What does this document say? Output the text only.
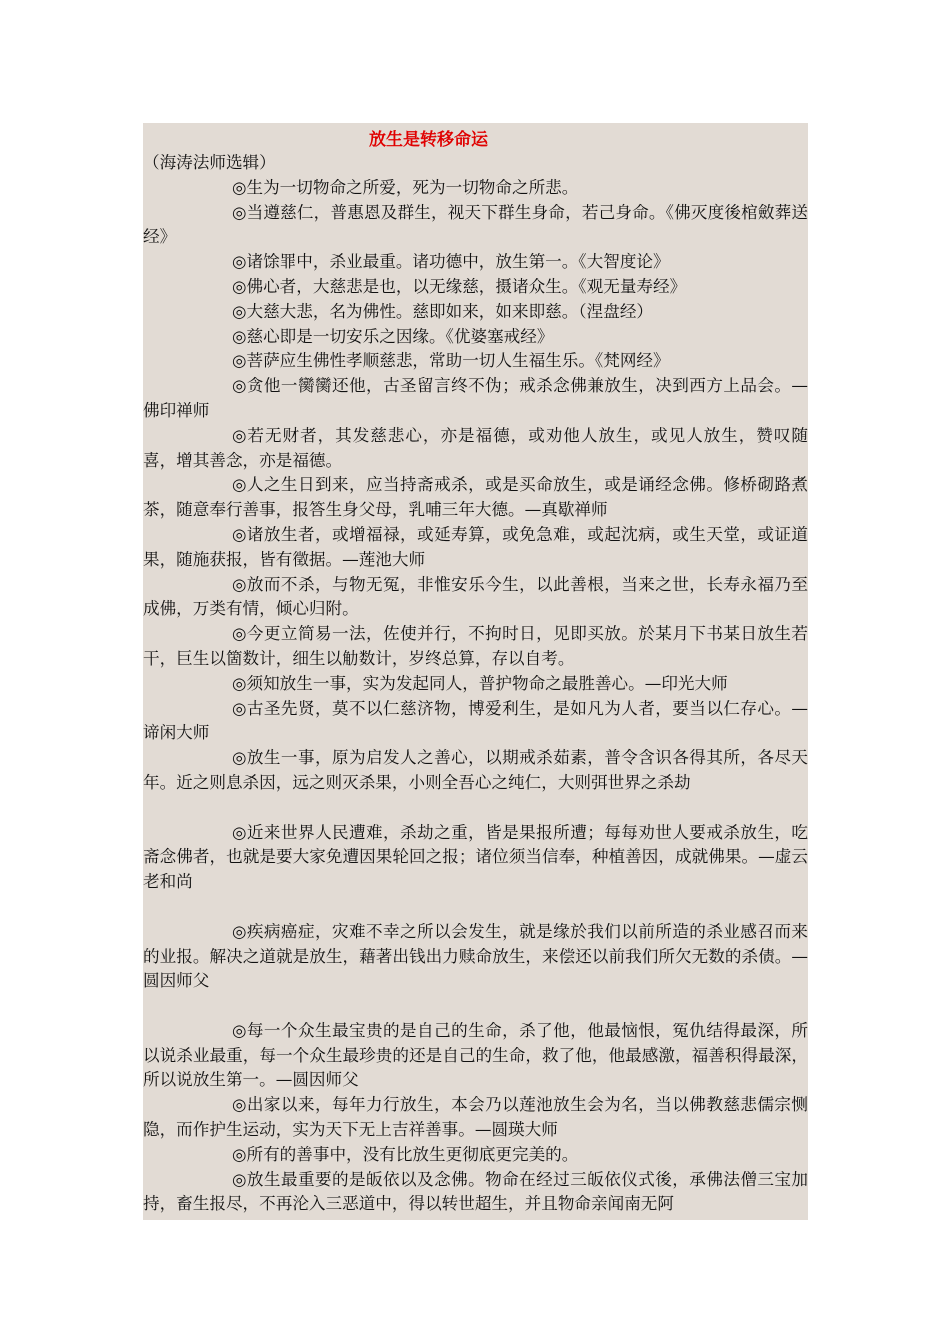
放生是转移命运

（海涛法师选辑）

◎生为一切物命之所爱，死为一切物命之所悲。

◎当遵慈仁，普惠恩及群生，视天下群生身命，若己身命。《佛灭度後棺斂葬送经》

◎诸馀罪中，杀业最重。诸功德中，放生第一。《大智度论》

◎佛心者，大慈悲是也，以无缘慈，摄诸众生。《观无量寿经》

◎大慈大悲，名为佛性。慈即如来，如来即慈。（涅盘经）

◎慈心即是一切安乐之因缘。《优婆塞戒经》

◎菩萨应生佛性孝顺慈悲，常助一切人生福生乐。《梵网经》

◎贪他一臠臠还他，古圣留言终不伪；戒杀念佛兼放生，决到西方上品会。—佛印禅师

◎若无财者，其发慈悲心，亦是福德，或劝他人放生，或见人放生，赞叹随喜，增其善念，亦是福德。

◎人之生日到来，应当持斋戒杀，或是买命放生，或是诵经念佛。修桥砌路煮茶，随意奉行善事，报答生身父母，乳哺三年大德。—真歇禅师

◎诸放生者，或增福禄，或延寿算，或免急难，或起沈病，或生天堂，或证道果，随施获报，皆有徵据。—莲池大师

◎放而不杀，与物无冤，非惟安乐今生，以此善根，当来之世，长寿永福乃至成佛，万类有情，倾心归附。

◎今更立简易一法，佐使并行，不拘时日，见即买放。於某月下书某日放生若干，巨生以箇数计，细生以觔数计，岁终总算，存以自考。

◎须知放生一事，实为发起同人，普护物命之最胜善心。—印光大师

◎古圣先贤，莫不以仁慈济物，博爱利生，是如凡为人者，要当以仁存心。—谛闲大师

◎放生一事，原为启发人之善心，以期戒杀茹素，普令含识各得其所，各尽天年。近之则息杀因，远之则灭杀果，小则全吾心之纯仁，大则弭世界之杀劫

◎近来世界人民遭难，杀劫之重，皆是果报所遭；每每劝世人要戒杀放生，吃斋念佛者，也就是要大家免遭因果轮回之报；诸位须当信奉，种植善因，成就佛果。—虚云老和尚

◎疾病癌症，灾难不幸之所以会发生，就是缘於我们以前所造的杀业感召而来的业报。解决之道就是放生，藉著出钱出力赎命放生，来偿还以前我们所欠无数的杀债。—圆因师父

◎每一个众生最宝贵的是自己的生命，杀了他，他最恼恨，冤仇结得最深，所以说杀业最重，每一个众生最珍贵的还是自己的生命，救了他，他最感激，福善积得最深，所以说放生第一。—圆因师父

◎出家以来，每年力行放生，本会乃以莲池放生会为名，当以佛教慈悲儒宗恻隐，而作护生运动，实为天下无上吉祥善事。—圆瑛大师

◎所有的善事中，没有比放生更彻底更完美的。

◎放生最重要的是皈依以及念佛。物命在经过三皈依仪式後，承佛法僧三宝加持，畜生报尽，不再沦入三恶道中，得以转世超生，并且物命亲闻南无阿
